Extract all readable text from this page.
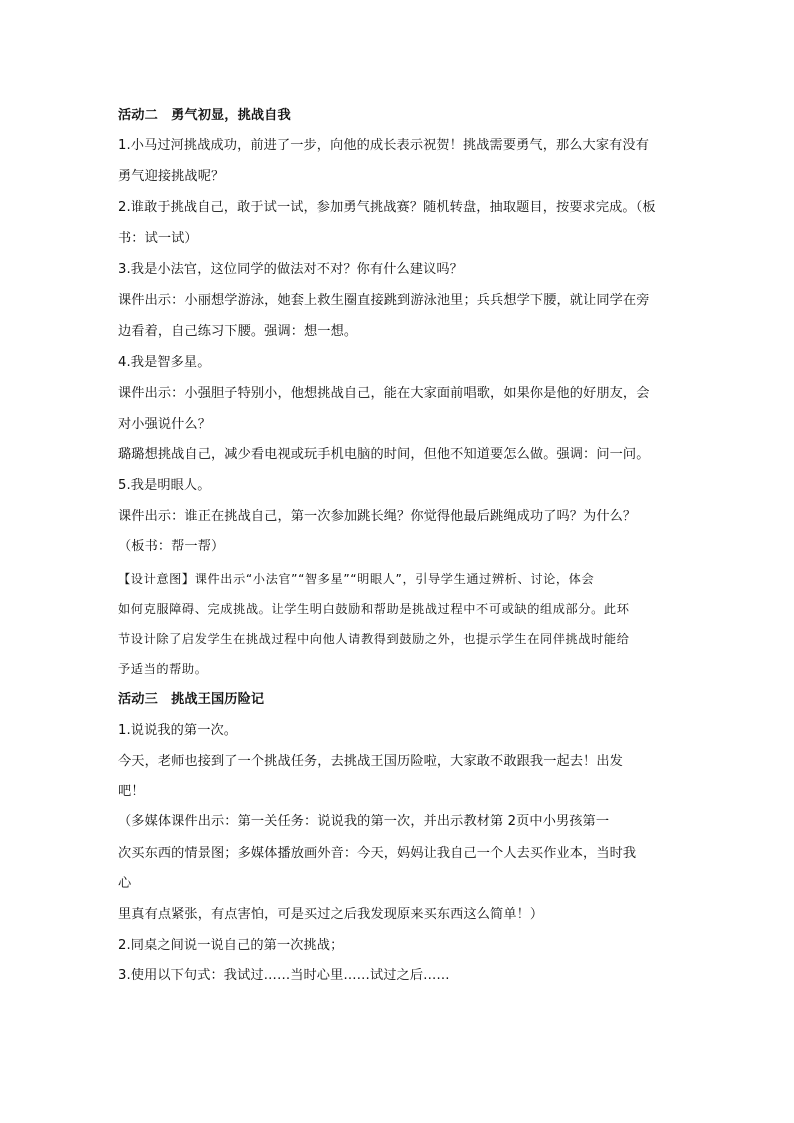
活动二　勇气初显，挑战自我
1.小马过河挑战成功，前进了一步，向他的成长表示祝贺！挑战需要勇气，那么大家有没有
勇气迎接挑战呢？
2.谁敢于挑战自己，敢于试一试，参加勇气挑战赛？随机转盘，抽取题目，按要求完成。（板
书：试一试）
3.我是小法官，这位同学的做法对不对？你有什么建议吗？
课件出示：小丽想学游泳，她套上救生圈直接跳到游泳池里；兵兵想学下腰，就让同学在旁
边看着，自己练习下腰。强调：想一想。
4.我是智多星。
课件出示：小强胆子特别小，他想挑战自己，能在大家面前唱歌，如果你是他的好朋友，会
对小强说什么？
璐璐想挑战自己，减少看电视或玩手机电脑的时间，但他不知道要怎么做。强调：问一问。
5.我是明眼人。
课件出示：谁正在挑战自己，第一次参加跳长绳？你觉得他最后跳绳成功了吗？为什么？
（板书：帮一帮）
【设计意图】课件出示“小法官”“智多星”“明眼人”，引导学生通过辨析、讨论，体会
如何克服障碍、完成挑战。让学生明白鼓励和帮助是挑战过程中不可或缺的组成部分。此环
节设计除了启发学生在挑战过程中向他人请教得到鼓励之外，也提示学生在同伴挑战时能给
予适当的帮助。
活动三　挑战王国历险记
1.说说我的第一次。
今天，老师也接到了一个挑战任务，去挑战王国历险啦，大家敢不敢跟我一起去！出发
吧！
（多媒体课件出示：第一关任务：说说我的第一次，并出示教材第 2页中小男孩第一
次买东西的情景图；多媒体播放画外音：今天，妈妈让我自己一个人去买作业本，当时我
心
里真有点紧张，有点害怕，可是买过之后我发现原来买东西这么简单！）
2.同桌之间说一说自己的第一次挑战；
3.使用以下句式：我试过……当时心里……试过之后……
